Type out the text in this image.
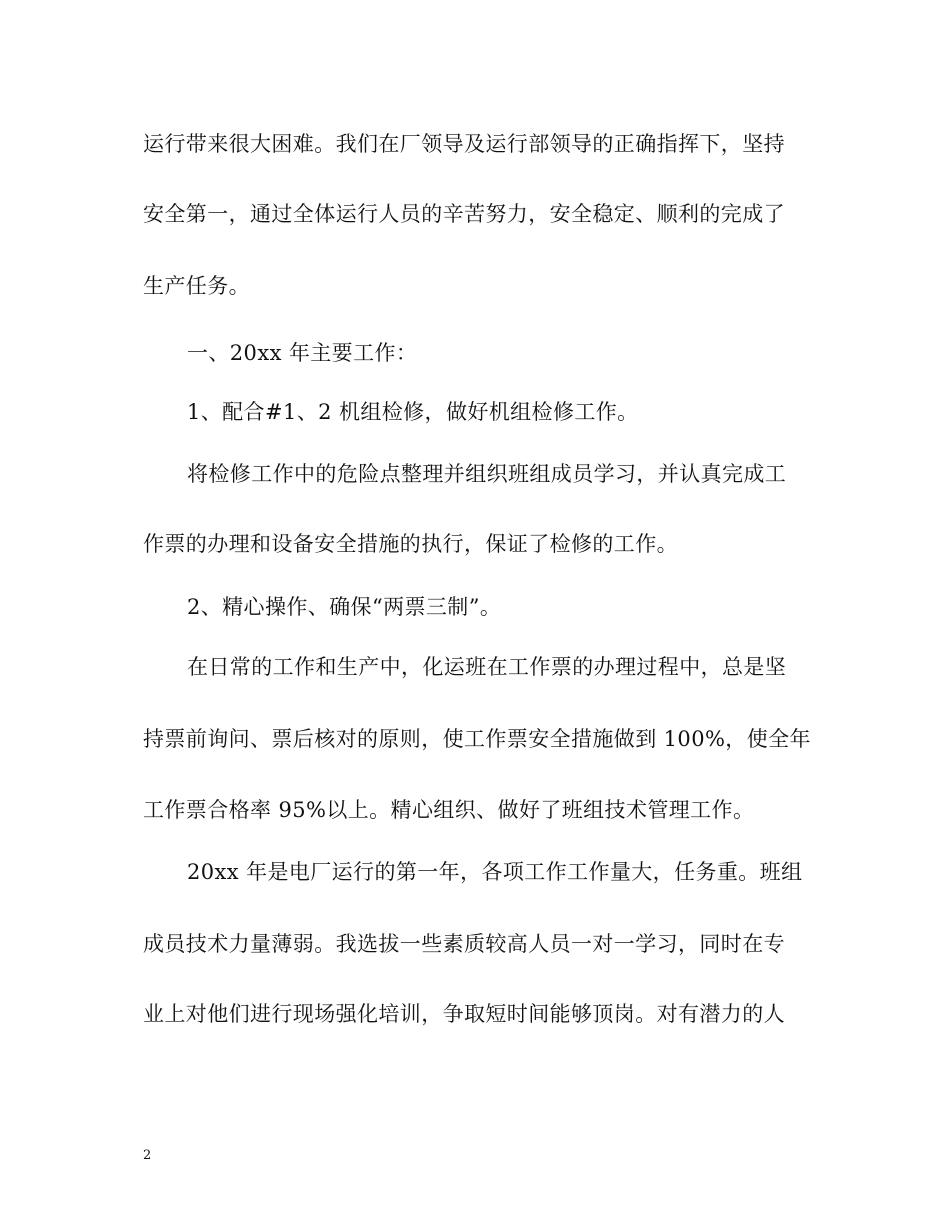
运行带来很大困难。我们在厂领导及运行部领导的正确指挥下，坚持
安全第一，通过全体运行人员的辛苦努力，安全稳定、顺利的完成了
生产任务。
一、20xx 年主要工作：
1、配合#1、2 机组检修，做好机组检修工作。
将检修工作中的危险点整理并组织班组成员学习，并认真完成工
作票的办理和设备安全措施的执行，保证了检修的工作。
2、精心操作、确保“两票三制”。
在日常的工作和生产中，化运班在工作票的办理过程中，总是坚
持票前询问、票后核对的原则，使工作票安全措施做到 100%，使全年
工作票合格率 95%以上。精心组织、做好了班组技术管理工作。
20xx 年是电厂运行的第一年，各项工作工作量大，任务重。班组
成员技术力量薄弱。我选拔一些素质较高人员一对一学习，同时在专
业上对他们进行现场强化培训，争取短时间能够顶岗。对有潜力的人
2
